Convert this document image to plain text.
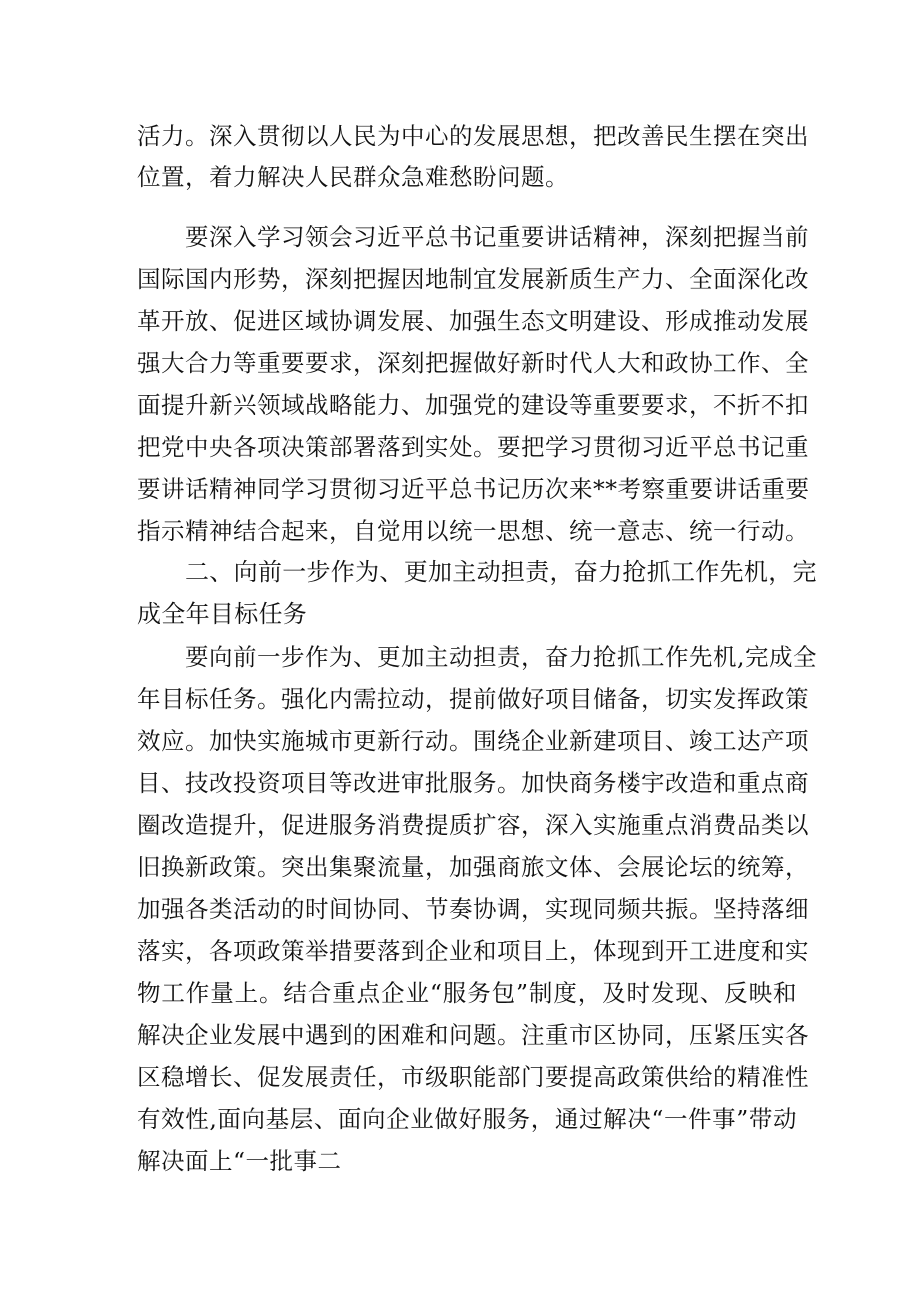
活力。深入贯彻以人民为中心的发展思想，把改善民生摆在突出
位置，着力解决人民群众急难愁盼问题。
要深入学习领会习近平总书记重要讲话精神，深刻把握当前
国际国内形势，深刻把握因地制宜发展新质生产力、全面深化改
革开放、促进区域协调发展、加强生态文明建设、形成推动发展
强大合力等重要要求，深刻把握做好新时代人大和政协工作、全
面提升新兴领域战略能力、加强党的建设等重要要求，不折不扣
把党中央各项决策部署落到实处。要把学习贯彻习近平总书记重
要讲话精神同学习贯彻习近平总书记历次来**考察重要讲话重要
指示精神结合起来，自觉用以统一思想、统一意志、统一行动。
二、向前一步作为、更加主动担责，奋力抢抓工作先机，完
成全年目标任务
要向前一步作为、更加主动担责，奋力抢抓工作先机,完成全
年目标任务。强化内需拉动，提前做好项目储备，切实发挥政策
效应。加快实施城市更新行动。围绕企业新建项目、竣工达产项
目、技改投资项目等改进审批服务。加快商务楼宇改造和重点商
圈改造提升，促进服务消费提质扩容，深入实施重点消费品类以
旧换新政策。突出集聚流量，加强商旅文体、会展论坛的统筹，
加强各类活动的时间协同、节奏协调，实现同频共振。坚持落细
落实，各项政策举措要落到企业和项目上，体现到开工进度和实
物工作量上。结合重点企业“服务包”制度，及时发现、反映和
解决企业发展中遇到的困难和问题。注重市区协同，压紧压实各
区稳增长、促发展责任，市级职能部门要提高政策供给的精准性
有效性,面向基层、面向企业做好服务，通过解决“一件事”带动
解决面上“一批事二
